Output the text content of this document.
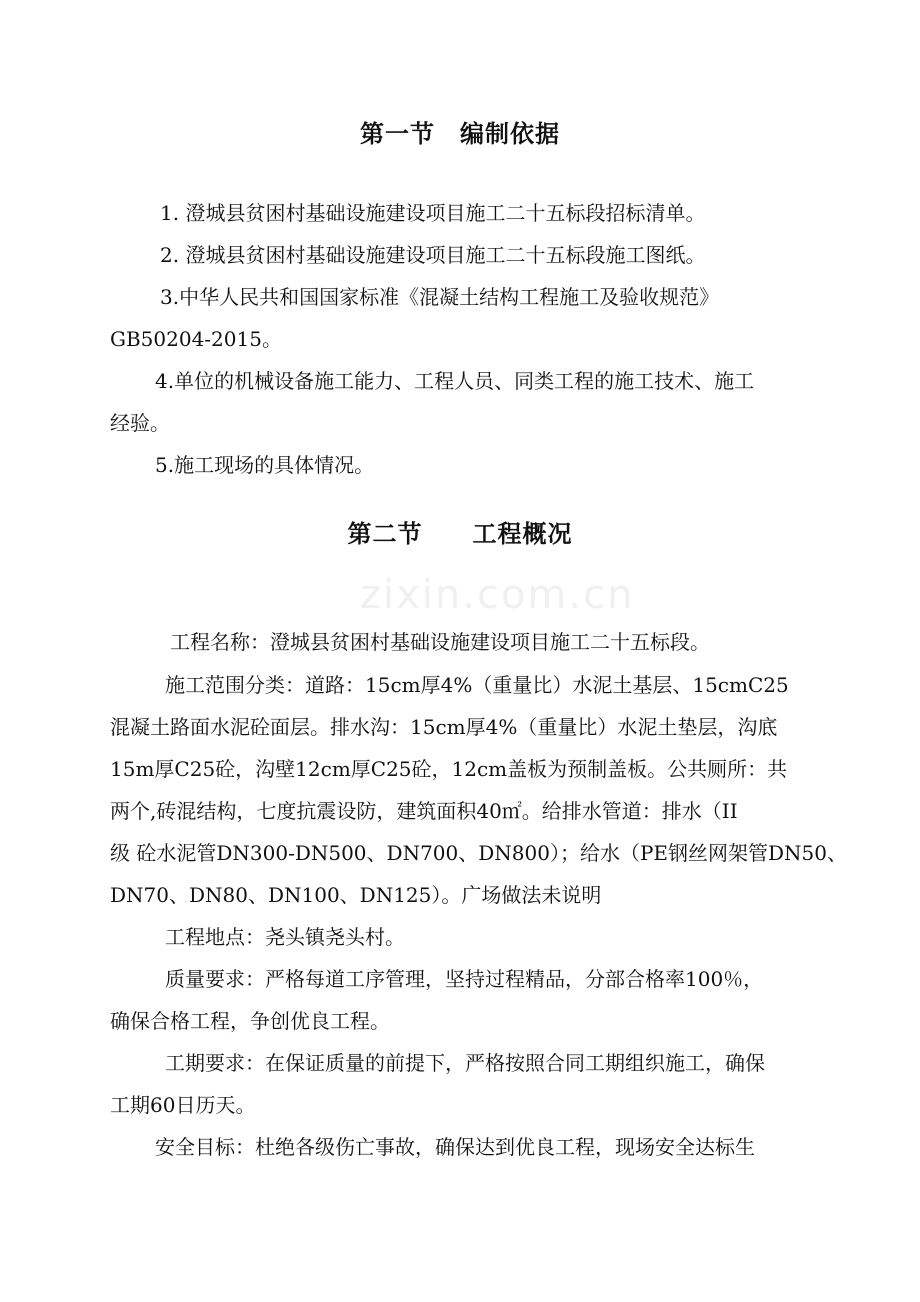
第一节　编制依据
1. 澄城县贫困村基础设施建设项目施工二十五标段招标清单。
2. 澄城县贫困村基础设施建设项目施工二十五标段施工图纸。
3.中华人民共和国国家标准《混凝土结构工程施工及验收规范》
GB50204-2015。
4.单位的机械设备施工能力、工程人员、同类工程的施工技术、施工
经验。
5.施工现场的具体情况。
第二节　　工程概况
zixin.com.cn
工程名称：澄城县贫困村基础设施建设项目施工二十五标段。
施工范围分类：道路：15cm厚4%（重量比）水泥土基层、15cmC25
混凝土路面水泥砼面层。排水沟：15cm厚4%（重量比）水泥土垫层，沟底
15m厚C25砼，沟壁12cm厚C25砼，12cm盖板为预制盖板。公共厕所：共
两个,砖混结构，七度抗震设防，建筑面积40㎡。给排水管道：排水（II
级 砼水泥管DN300-DN500、DN700、DN800）；给水（PE钢丝网架管DN50、
DN70、DN80、DN100、DN125）。广场做法未说明
工程地点：尧头镇尧头村。
质量要求：严格每道工序管理，坚持过程精品，分部合格率100％，
确保合格工程，争创优良工程。
工期要求：在保证质量的前提下，严格按照合同工期组织施工，确保
工期60日历天。
安全目标：杜绝各级伤亡事故，确保达到优良工程，现场安全达标生
